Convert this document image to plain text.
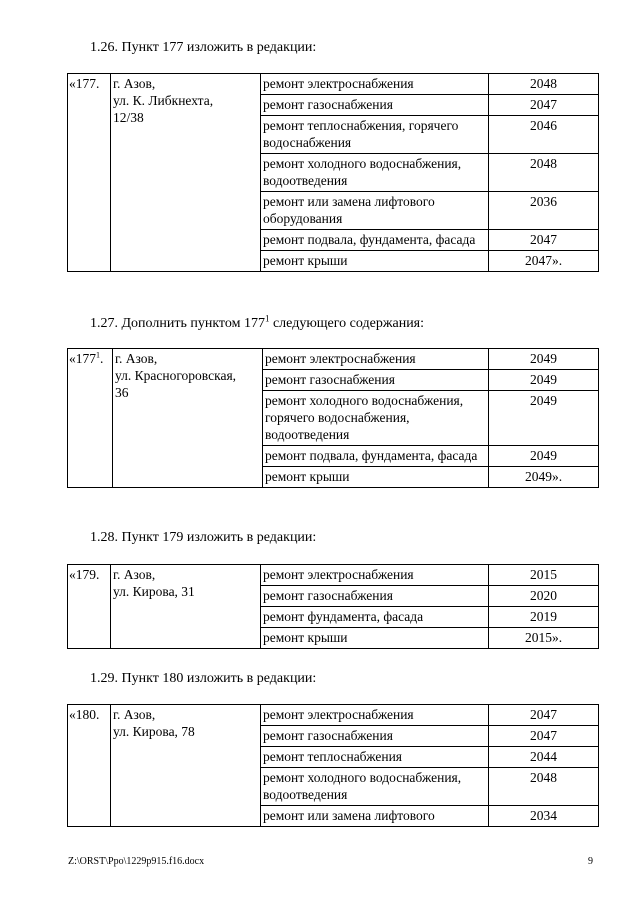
1.26. Пункт 177 изложить в редакции:
«177.	г. Азов,
ул. К. Либкнехта,
12/38	ремонт электроснабжения	2048
		ремонт газоснабжения	2047
		ремонт теплоснабжения, горячего водоснабжения	2046
		ремонт холодного водоснабжения, водоотведения	2048
		ремонт или замена лифтового оборудования	2036
		ремонт подвала, фундамента, фасада	2047
		ремонт крыши	2047».
1.27. Дополнить пунктом $177^1$ следующего содержания:
«$177^1$.	г. Азов,
ул. Красногоровская,
36	ремонт электроснабжения	2049
		ремонт газоснабжения	2049
		ремонт холодного водоснабжения, горячего водоснабжения, водоотведения	2049
		ремонт подвала, фундамента, фасада	2049
		ремонт крыши	2049».
1.28. Пункт 179 изложить в редакции:
«179.	г. Азов,
ул. Кирова, 31	ремонт электроснабжения	2015
		ремонт газоснабжения	2020
		ремонт фундамента, фасада	2019
		ремонт крыши	2015».
1.29. Пункт 180 изложить в редакции:
«180.	г. Азов,
ул. Кирова, 78	ремонт электроснабжения	2047
		ремонт газоснабжения	2047
		ремонт теплоснабжения	2044
		ремонт холодного водоснабжения, водоотведения	2048
		ремонт или замена лифтового	2034
Z:\ORST\Ppo\1229p915.f16.docx	9
